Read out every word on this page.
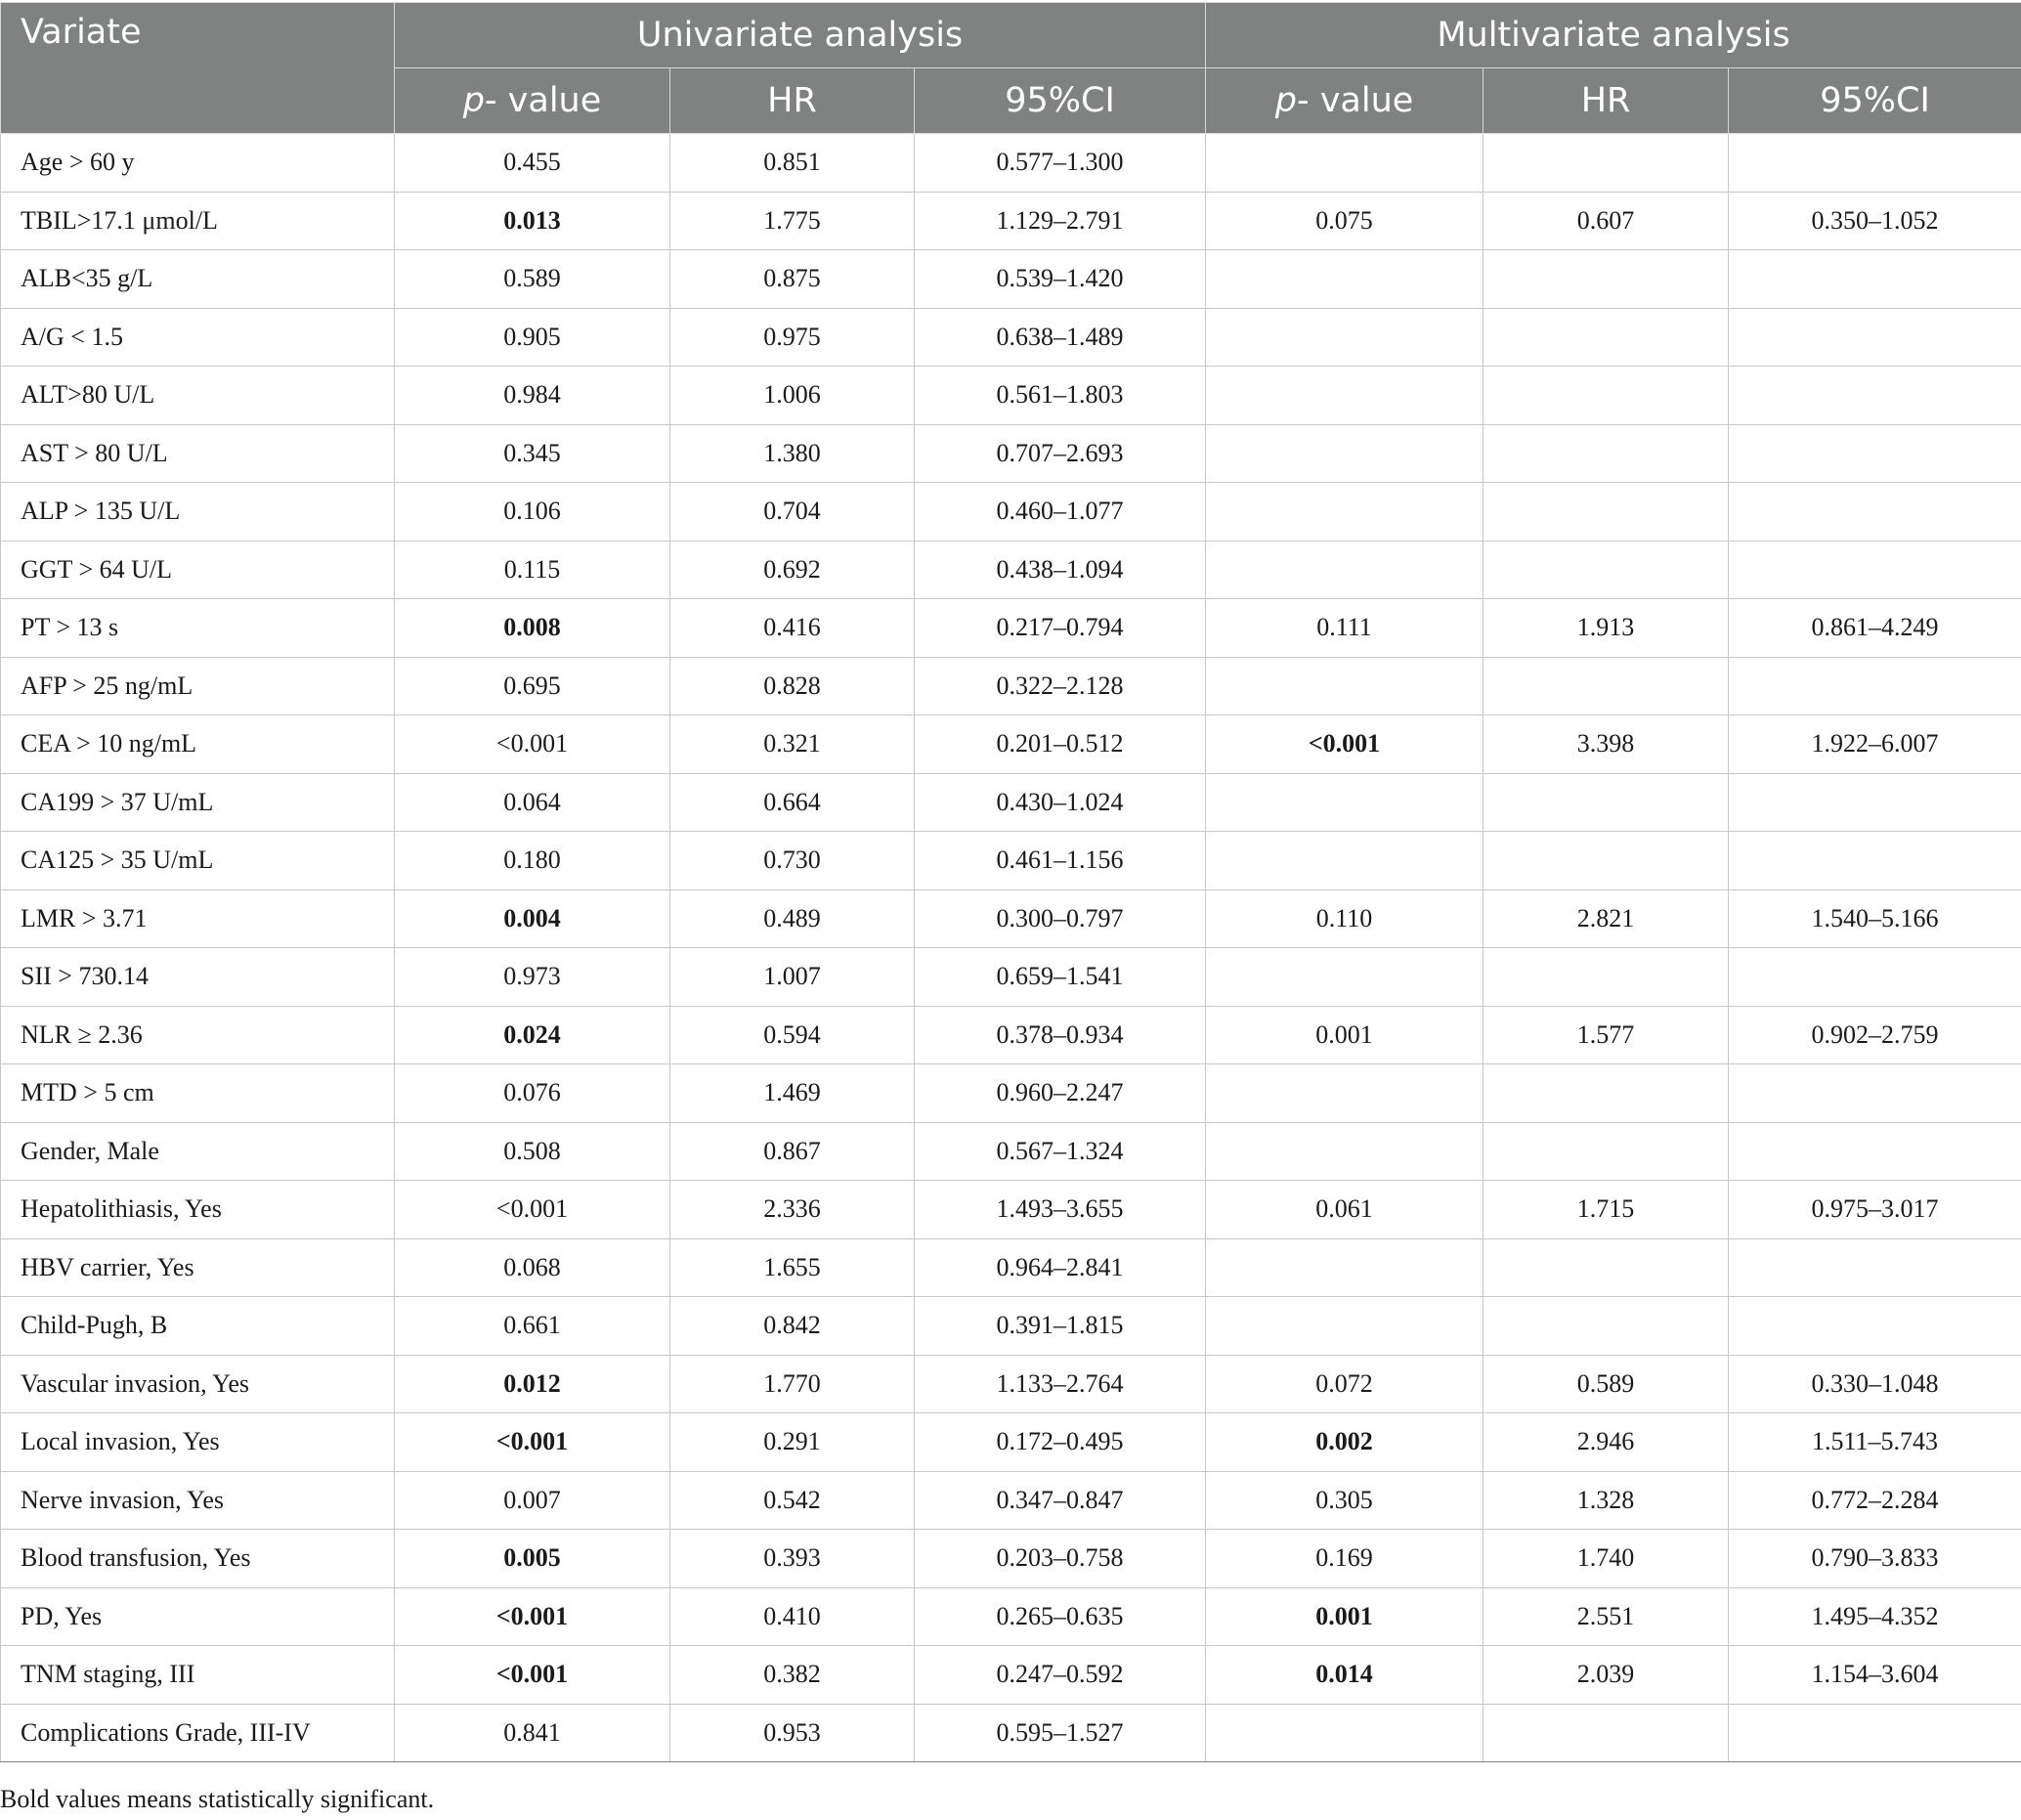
Variate	Univariate analysis			Multivariate analysis		
	p- value	HR	95%CI	p- value	HR	95%CI
Age > 60 y	0.455	0.851	0.577–1.300			
TBIL>17.1 μmol/L	0.013	1.775	1.129–2.791	0.075	0.607	0.350–1.052
ALB<35 g/L	0.589	0.875	0.539–1.420			
A/G < 1.5	0.905	0.975	0.638–1.489			
ALT>80 U/L	0.984	1.006	0.561–1.803			
AST > 80 U/L	0.345	1.380	0.707–2.693			
ALP > 135 U/L	0.106	0.704	0.460–1.077			
GGT > 64 U/L	0.115	0.692	0.438–1.094			
PT > 13 s	0.008	0.416	0.217–0.794	0.111	1.913	0.861–4.249
AFP > 25 ng/mL	0.695	0.828	0.322–2.128			
CEA > 10 ng/mL	<0.001	0.321	0.201–0.512	<0.001	3.398	1.922–6.007
CA199 > 37 U/mL	0.064	0.664	0.430–1.024			
CA125 > 35 U/mL	0.180	0.730	0.461–1.156			
LMR > 3.71	0.004	0.489	0.300–0.797	0.110	2.821	1.540–5.166
SII > 730.14	0.973	1.007	0.659–1.541			
NLR ≥ 2.36	0.024	0.594	0.378–0.934	0.001	1.577	0.902–2.759
MTD > 5 cm	0.076	1.469	0.960–2.247			
Gender, Male	0.508	0.867	0.567–1.324			
Hepatolithiasis, Yes	<0.001	2.336	1.493–3.655	0.061	1.715	0.975–3.017
HBV carrier, Yes	0.068	1.655	0.964–2.841			
Child-Pugh, B	0.661	0.842	0.391–1.815			
Vascular invasion, Yes	0.012	1.770	1.133–2.764	0.072	0.589	0.330–1.048
Local invasion, Yes	<0.001	0.291	0.172–0.495	0.002	2.946	1.511–5.743
Nerve invasion, Yes	0.007	0.542	0.347–0.847	0.305	1.328	0.772–2.284
Blood transfusion, Yes	0.005	0.393	0.203–0.758	0.169	1.740	0.790–3.833
PD, Yes	<0.001	0.410	0.265–0.635	0.001	2.551	1.495–4.352
TNM staging, III	<0.001	0.382	0.247–0.592	0.014	2.039	1.154–3.604
Complications Grade, III-IV	0.841	0.953	0.595–1.527			
Bold values means statistically significant.
